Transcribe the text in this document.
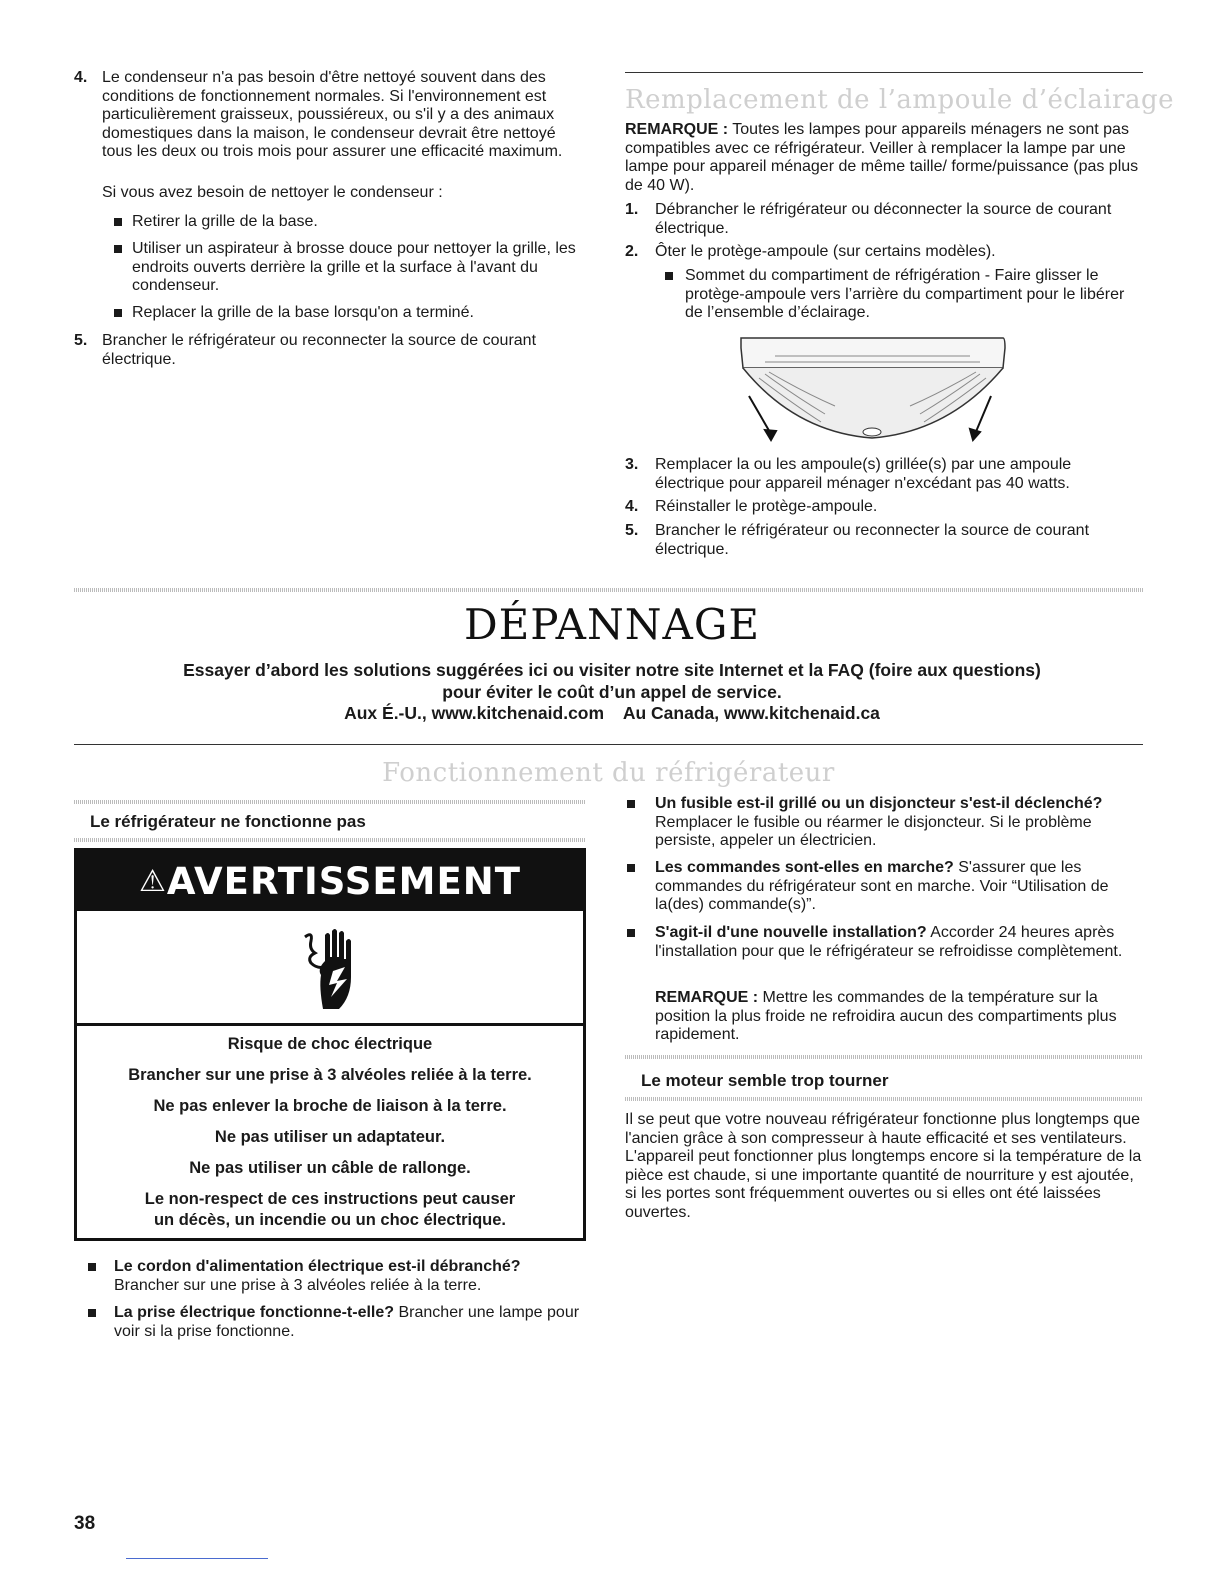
4. Le condenseur n'a pas besoin d'être nettoyé souvent dans des conditions de fonctionnement normales. Si l'environnement est particulièrement graisseux, poussiéreux, ou s'il y a des animaux domestiques dans la maison, le condenseur devrait être nettoyé tous les deux ou trois mois pour assurer une efficacité maximum.

Si vous avez besoin de nettoyer le condenseur :

Retirer la grille de la base.
Utiliser un aspirateur à brosse douce pour nettoyer la grille, les endroits ouverts derrière la grille et la surface à l'avant du condenseur.
Replacer la grille de la base lorsqu'on a terminé.
5. Brancher le réfrigérateur ou reconnecter la source de courant électrique.
Remplacement de l’ampoule d’éclairage

REMARQUE : Toutes les lampes pour appareils ménagers ne sont pas compatibles avec ce réfrigérateur. Veiller à remplacer la lampe par une lampe pour appareil ménager de même taille/ forme/puissance (pas plus de 40 W).

1. Débrancher le réfrigérateur ou déconnecter la source de courant électrique.
2. Ôter le protège-ampoule (sur certains modèles).
Sommet du compartiment de réfrigération - Faire glisser le protège-ampoule vers l’arrière du compartiment pour le libérer de l’ensemble d’éclairage.
3. Remplacer la ou les ampoule(s) grillée(s) par une ampoule électrique pour appareil ménager n'excédant pas 40 watts.
4. Réinstaller le protège-ampoule.
5. Brancher le réfrigérateur ou reconnecter la source de courant électrique.
DÉPANNAGE
Essayer d’abord les solutions suggérées ici ou visiter notre site Internet et la FAQ (foire aux questions)
pour éviter le coût d’un appel de service.
Aux É.-U., www.kitchenaid.com    Au Canada, www.kitchenaid.ca
Fonctionnement du réfrigérateur
Le réfrigérateur ne fonctionne pas
⚠AVERTISSEMENT
Risque de choc électrique
Brancher sur une prise à 3 alvéoles reliée à la terre.
Ne pas enlever la broche de liaison à la terre.
Ne pas utiliser un adaptateur.
Ne pas utiliser un câble de rallonge.
Le non-respect de ces instructions peut causer
un décès, un incendie ou un choc électrique.
Le cordon d'alimentation électrique est-il débranché?
Brancher sur une prise à 3 alvéoles reliée à la terre.
La prise électrique fonctionne-t-elle? Brancher une lampe pour voir si la prise fonctionne.
Un fusible est-il grillé ou un disjoncteur s'est-il déclenché? Remplacer le fusible ou réarmer le disjoncteur. Si le problème persiste, appeler un électricien.
Les commandes sont-elles en marche? S'assurer que les commandes du réfrigérateur sont en marche. Voir “Utilisation de la(des) commande(s)”.
S'agit-il d'une nouvelle installation? Accorder 24 heures après l'installation pour que le réfrigérateur se refroidisse complètement.

REMARQUE : Mettre les commandes de la température sur la position la plus froide ne refroidira aucun des compartiments plus rapidement.

Le moteur semble trop tourner

Il se peut que votre nouveau réfrigérateur fonctionne plus longtemps que l'ancien grâce à son compresseur à haute efficacité et ses ventilateurs. L'appareil peut fonctionner plus longtemps encore si la température de la pièce est chaude, si une importante quantité de nourriture y est ajoutée, si les portes sont fréquemment ouvertes ou si elles ont été laissées ouvertes.

38
